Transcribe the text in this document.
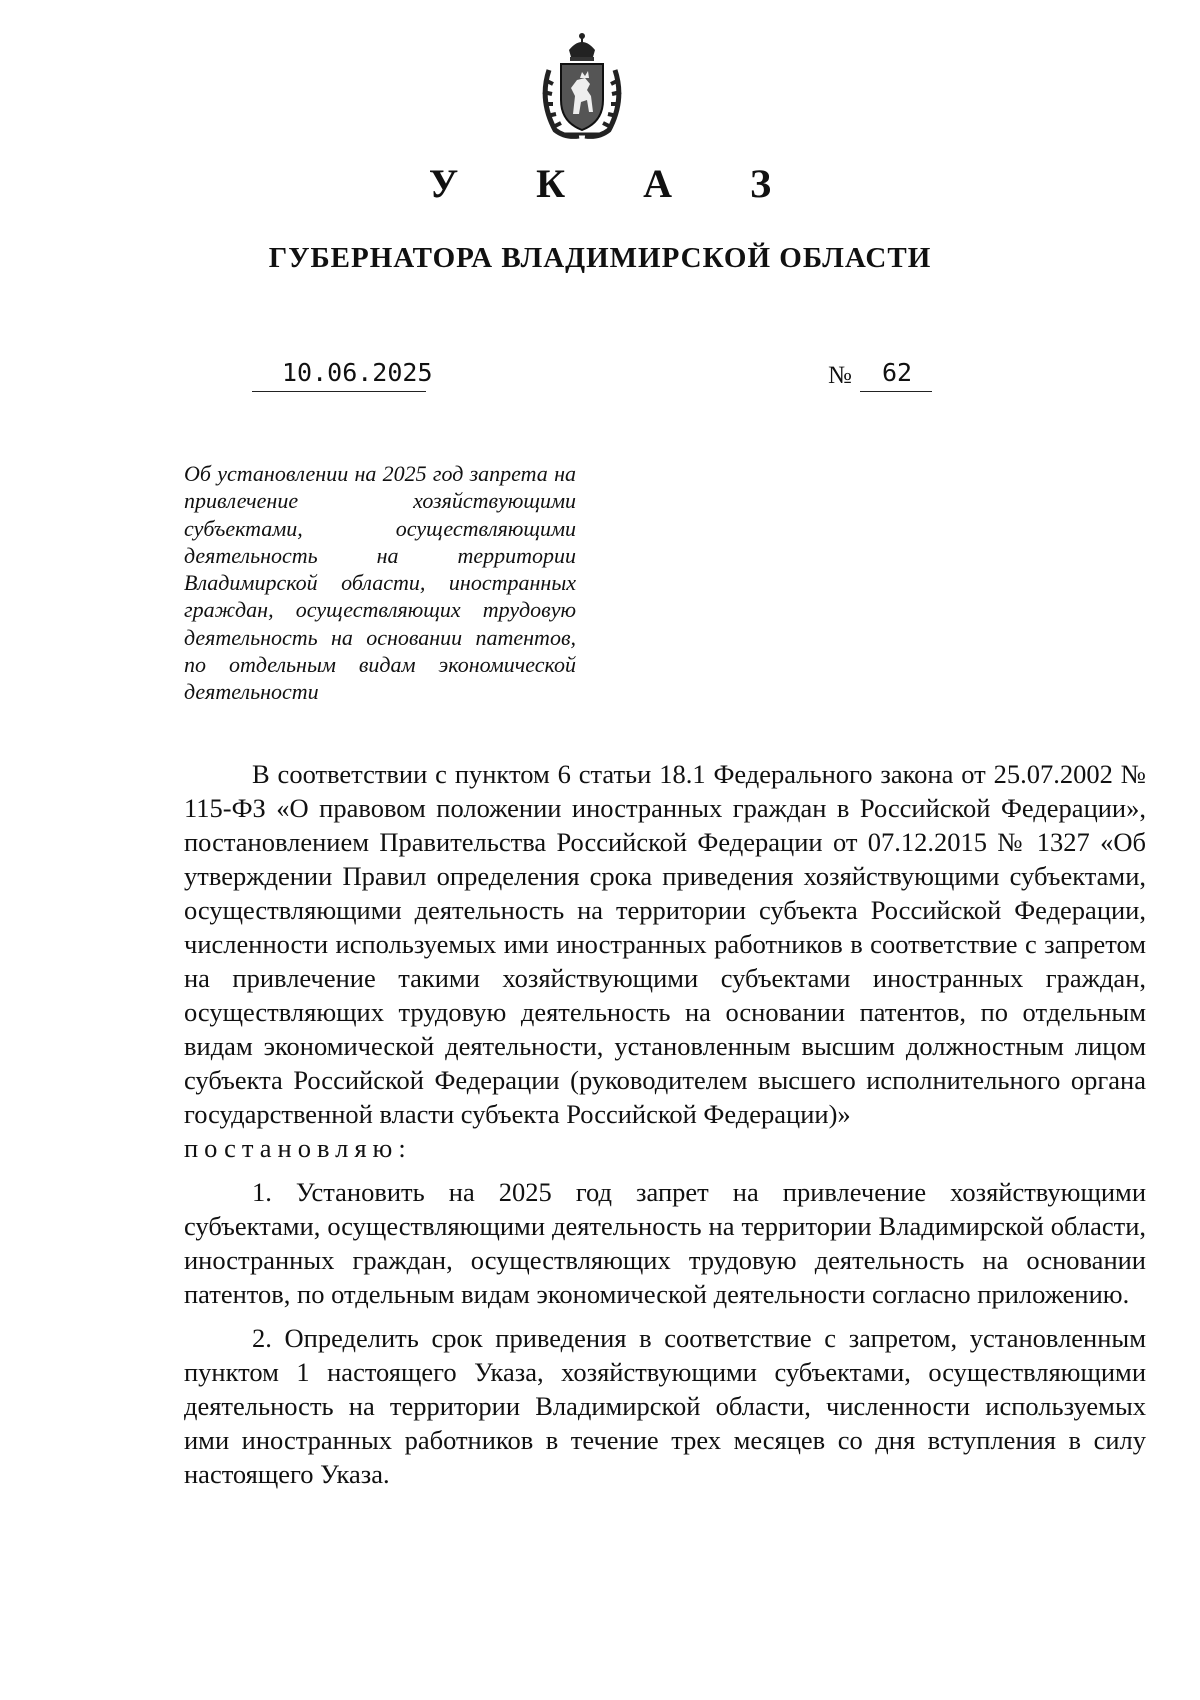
У К А З
ГУБЕРНАТОРА ВЛАДИМИРСКОЙ ОБЛАСТИ
10.06.2025	№ 62
Об установлении на 2025 год запрета на привлечение хозяйствующими субъектами, осуществляющими деятельность на территории Владимирской области, иностранных граждан, осуществляющих трудовую деятельность на основании патентов, по отдельным видам экономической деятельности

В соответствии с пунктом 6 статьи 18.1 Федерального закона от 25.07.2002 № 115-ФЗ «О правовом положении иностранных граждан в Российской Федерации», постановлением Правительства Российской Федерации от 07.12.2015 № 1327 «Об утверждении Правил определения срока приведения хозяйствующими субъектами, осуществляющими деятельность на территории субъекта Российской Федерации, численности используемых ими иностранных работников в соответствие с запретом на привлечение такими хозяйствующими субъектами иностранных граждан, осуществляющих трудовую деятельность на основании патентов, по отдельным видам экономической деятельности, установленным высшим должностным лицом субъекта Российской Федерации (руководителем высшего исполнительного органа государственной власти субъекта Российской Федерации)»

постановляю:

1. Установить на 2025 год запрет на привлечение хозяйствующими субъектами, осуществляющими деятельность на территории Владимирской области, иностранных граждан, осуществляющих трудовую деятельность на основании патентов, по отдельным видам экономической деятельности согласно приложению.

2. Определить срок приведения в соответствие с запретом, установленным пунктом 1 настоящего Указа, хозяйствующими субъектами, осуществляющими деятельность на территории Владимирской области, численности используемых ими иностранных работников в течение трех месяцев со дня вступления в силу настоящего Указа.
